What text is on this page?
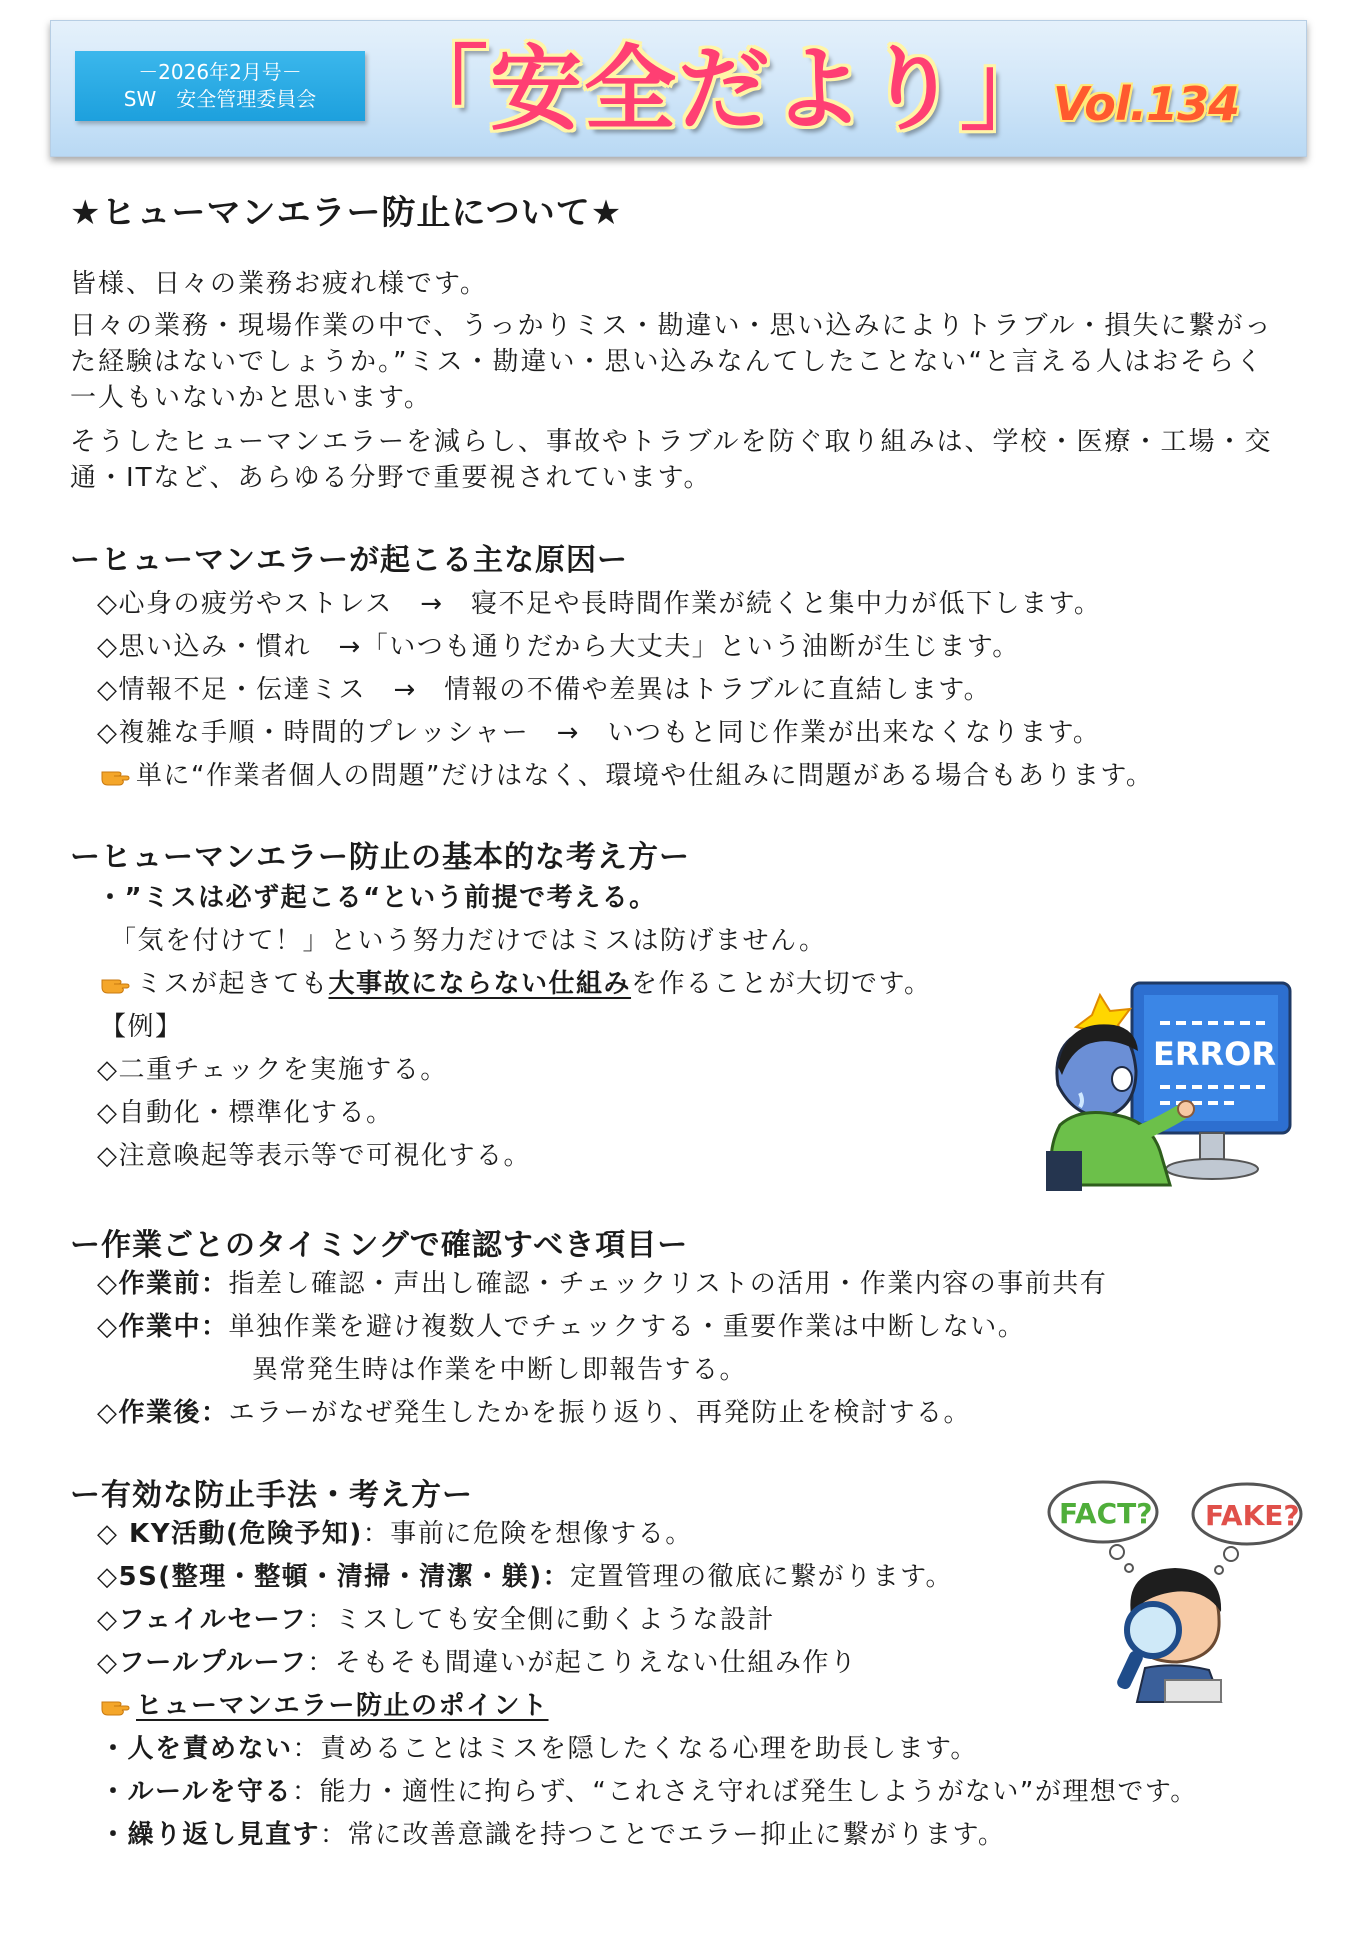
－2026年2月号－
SW　安全管理委員会 「安全だより」
Vol.134
★ヒューマンエラー防止について★
皆様、日々の業務お疲れ様です。
日々の業務・現場作業の中で、うっかりミス・勘違い・思い込みによりトラブル・損失に繋がった経験はないでしょうか。”ミス・勘違い・思い込みなんてしたことない“と言える人はおそらく一人もいないかと思います。
そうしたヒューマンエラーを減らし、事故やトラブルを防ぐ取り組みは、学校・医療・工場・交通・ITなど、あらゆる分野で重要視されています。
ーヒューマンエラーが起こる主な原因ー
◇心身の疲労やストレス　→　寝不足や長時間作業が続くと集中力が低下します。
◇思い込み・慣れ　→「いつも通りだから大丈夫」という油断が生じます。
◇情報不足・伝達ミス　→　情報の不備や差異はトラブルに直結します。
◇複雑な手順・時間的プレッシャー　→　いつもと同じ作業が出来なくなります。
単に“作業者個人の問題”だけはなく、環境や仕組みに問題がある場合もあります。
ーヒューマンエラー防止の基本的な考え方ー
・”ミスは必ず起こる“という前提で考える。
「気を付けて！」という努力だけではミスは防げません。
ミスが起きても大事故にならない仕組みを作ることが大切です。
【例】
◇二重チェックを実施する。
◇自動化・標準化する。
◇注意喚起等表示等で可視化する。
ERROR
ー作業ごとのタイミングで確認すべき項目ー
◇作業前：指差し確認・声出し確認・チェックリストの活用・作業内容の事前共有
◇作業中：単独作業を避け複数人でチェックする・重要作業は中断しない。
異常発生時は作業を中断し即報告する。
◇作業後：エラーがなぜ発生したかを振り返り、再発防止を検討する。
ー有効な防止手法・考え方ー
◇ KY活動(危険予知)：事前に危険を想像する。
◇5S(整理・整頓・清掃・清潔・躾)：定置管理の徹底に繋がります。
◇フェイルセーフ：ミスしても安全側に動くような設計
◇フールプルーフ：そもそも間違いが起こりえない仕組み作り
ヒューマンエラー防止のポイント
・人を責めない：責めることはミスを隠したくなる心理を助長します。
・ルールを守る：能力・適性に拘らず、“これさえ守れば発生しようがない”が理想です。
・繰り返し見直す：常に改善意識を持つことでエラー抑止に繋がります。
FACT? FAKE?
